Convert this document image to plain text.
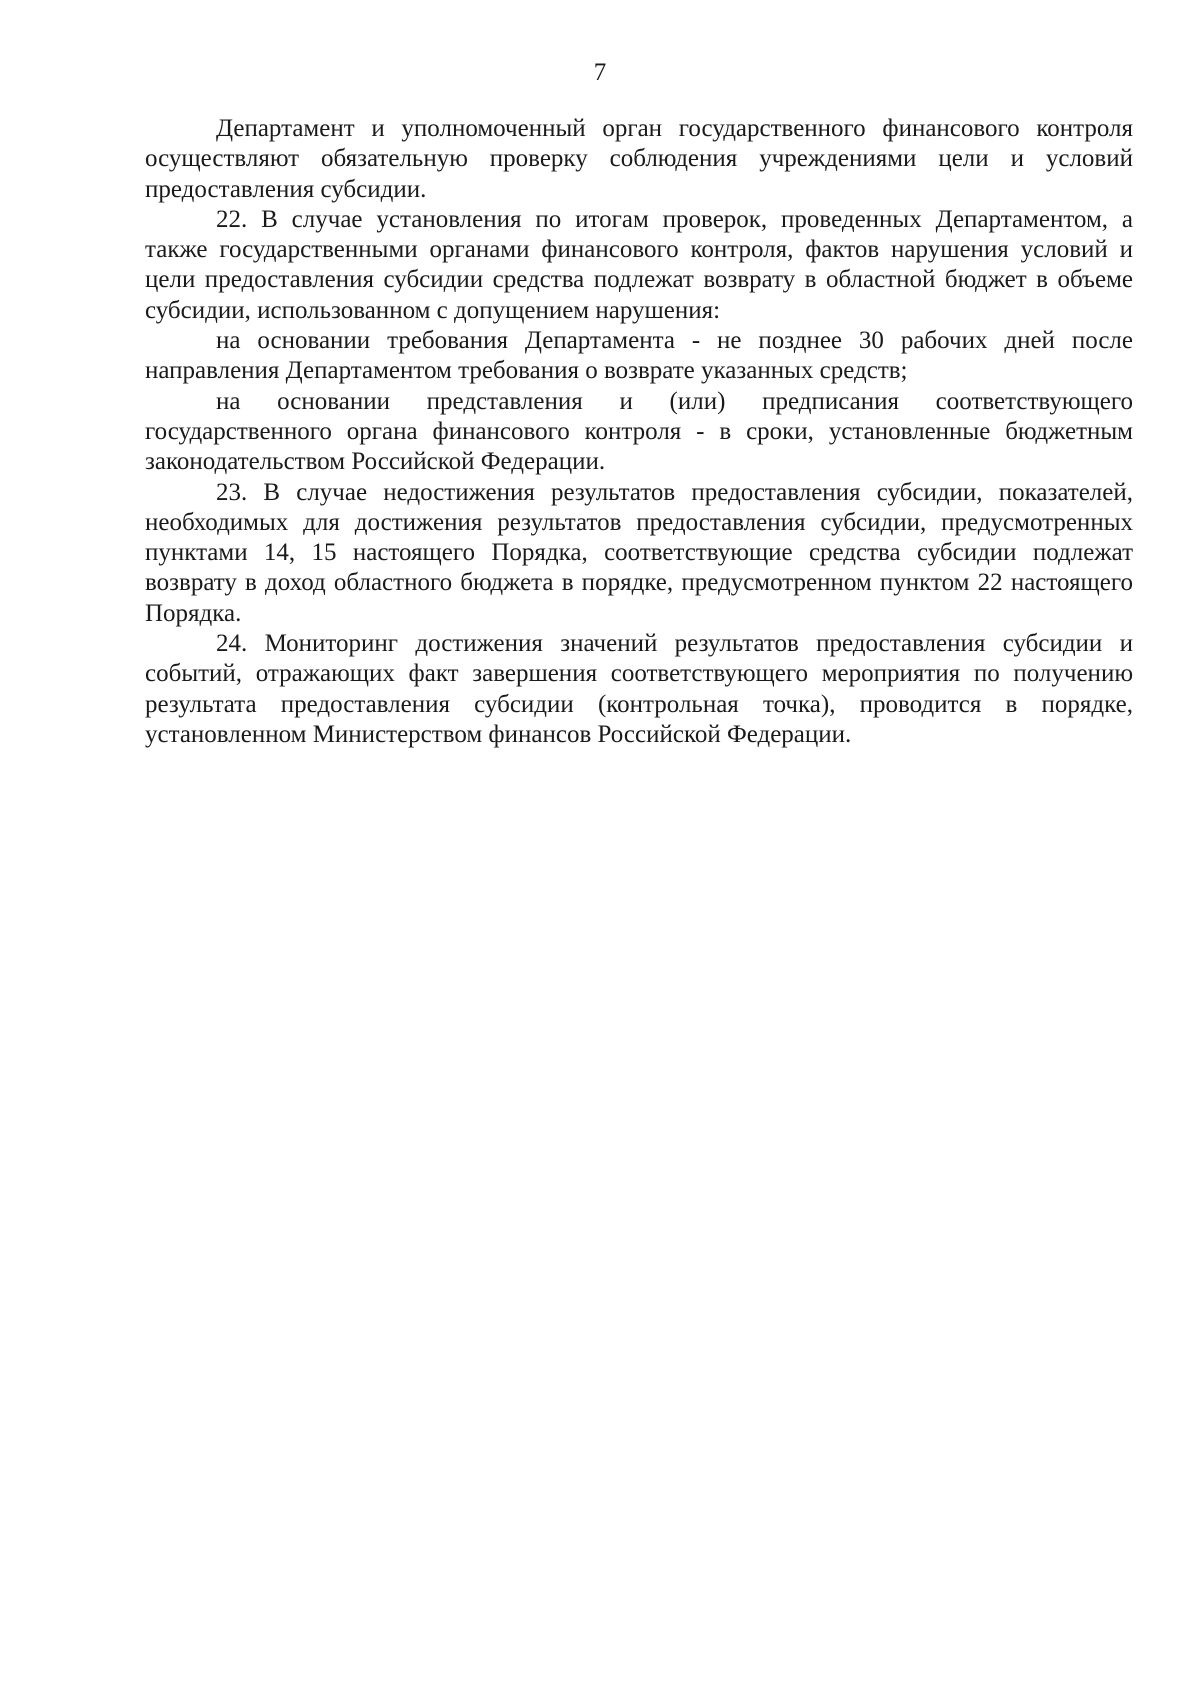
7

Департамент и уполномоченный орган государственного финансового контроля осуществляют обязательную проверку соблюдения учреждениями цели и условий предоставления субсидии.

22. В случае установления по итогам проверок, проведенных Департаментом, а также государственными органами финансового контроля, фактов нарушения условий и цели предоставления субсидии средства подлежат возврату в областной бюджет в объеме субсидии, использованном с допущением нарушения:

на основании требования Департамента - не позднее 30 рабочих дней после направления Департаментом требования о возврате указанных средств;

на основании представления и (или) предписания соответствующего государственного органа финансового контроля - в сроки, установленные бюджетным законодательством Российской Федерации.

23. В случае недостижения результатов предоставления субсидии, показателей, необходимых для достижения результатов предоставления субсидии, предусмотренных пунктами 14, 15 настоящего Порядка, соответствующие средства субсидии подлежат возврату в доход областного бюджета в порядке, предусмотренном пунктом 22 настоящего Порядка.

24. Мониторинг достижения значений результатов предоставления субсидии и событий, отражающих факт завершения соответствующего мероприятия по получению результата предоставления субсидии (контрольная точка), проводится в порядке, установленном Министерством финансов Российской Федерации.
